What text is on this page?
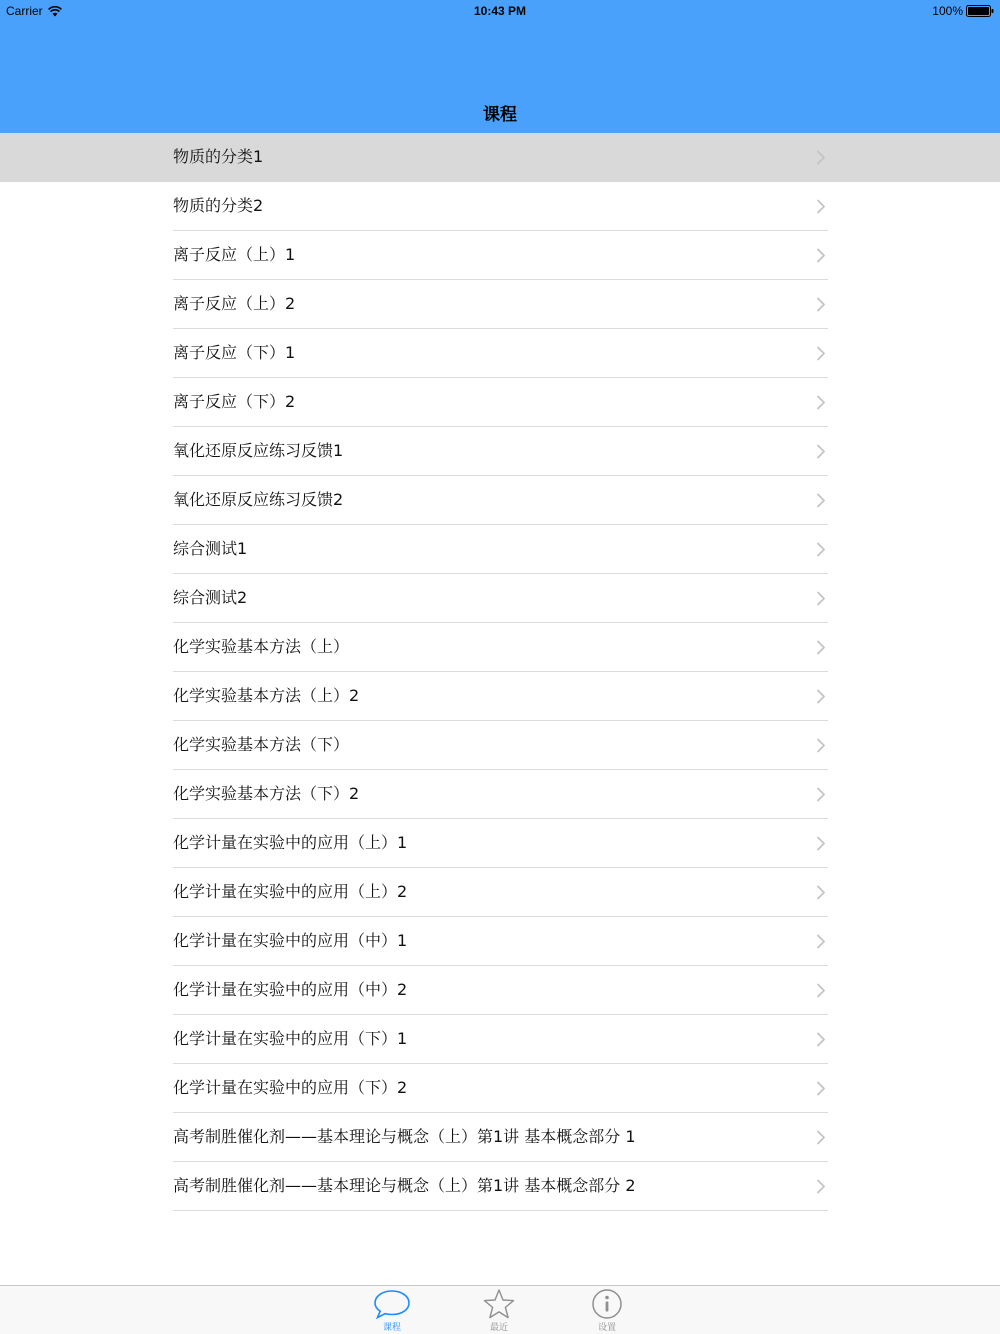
Carrier	10:43 PM	100%
课程
物质的分类1
物质的分类2
离子反应（上）1
离子反应（上）2
离子反应（下）1
离子反应（下）2
氧化还原反应练习反馈1
氧化还原反应练习反馈2
综合测试1
综合测试2
化学实验基本方法（上）
化学实验基本方法（上）2
化学实验基本方法（下）
化学实验基本方法（下）2
化学计量在实验中的应用（上）1
化学计量在实验中的应用（上）2
化学计量在实验中的应用（中）1
化学计量在实验中的应用（中）2
化学计量在实验中的应用（下）1
化学计量在实验中的应用（下）2
高考制胜催化剂——基本理论与概念（上）第1讲 基本概念部分 1
高考制胜催化剂——基本理论与概念（上）第1讲 基本概念部分 2
课程	最近	设置
